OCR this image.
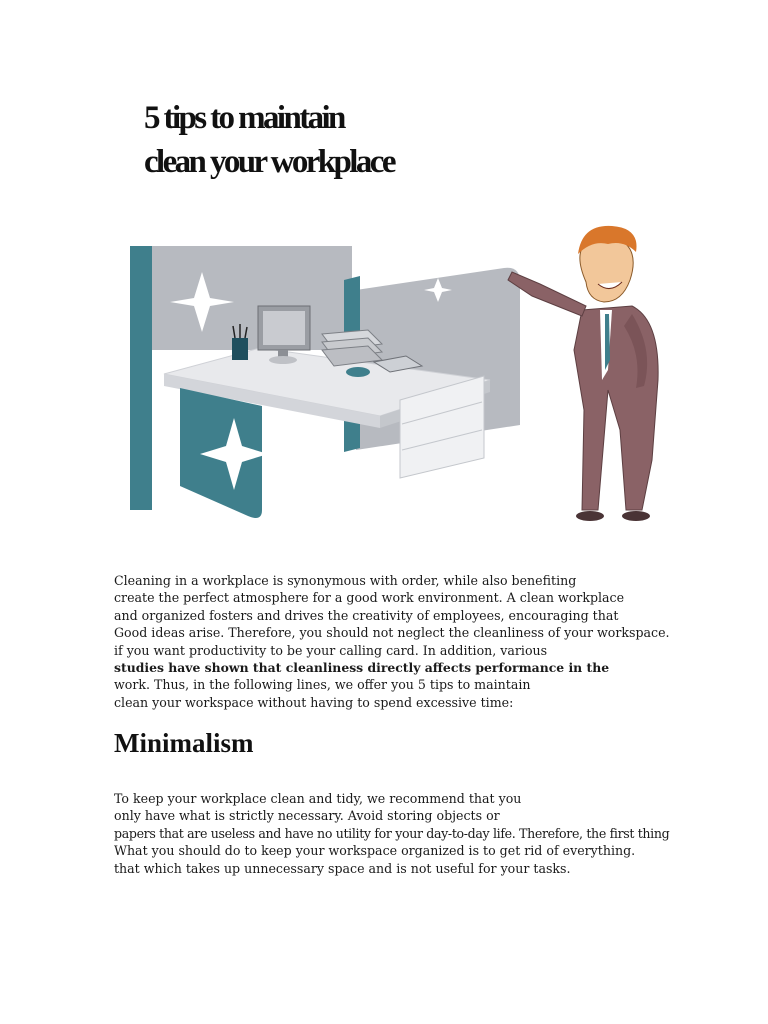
5 tips to maintain
clean your workplace
Cleaning in a workplace is synonymous with order, while also benefiting
create the perfect atmosphere for a good work environment. A clean workplace
and organized fosters and drives the creativity of employees, encouraging that
Good ideas arise. Therefore, you should not neglect the cleanliness of your workspace.
if you want productivity to be your calling card. In addition, various
studies have shown that cleanliness directly affects performance in the
work. Thus, in the following lines, we offer you 5 tips to maintain
clean your workspace without having to spend excessive time:
Minimalism
To keep your workplace clean and tidy, we recommend that you
only have what is strictly necessary. Avoid storing objects or
papers that are useless and have no utility for your day-to-day life. Therefore, the first thing
What you should do to keep your workspace organized is to get rid of everything.
that which takes up unnecessary space and is not useful for your tasks.
